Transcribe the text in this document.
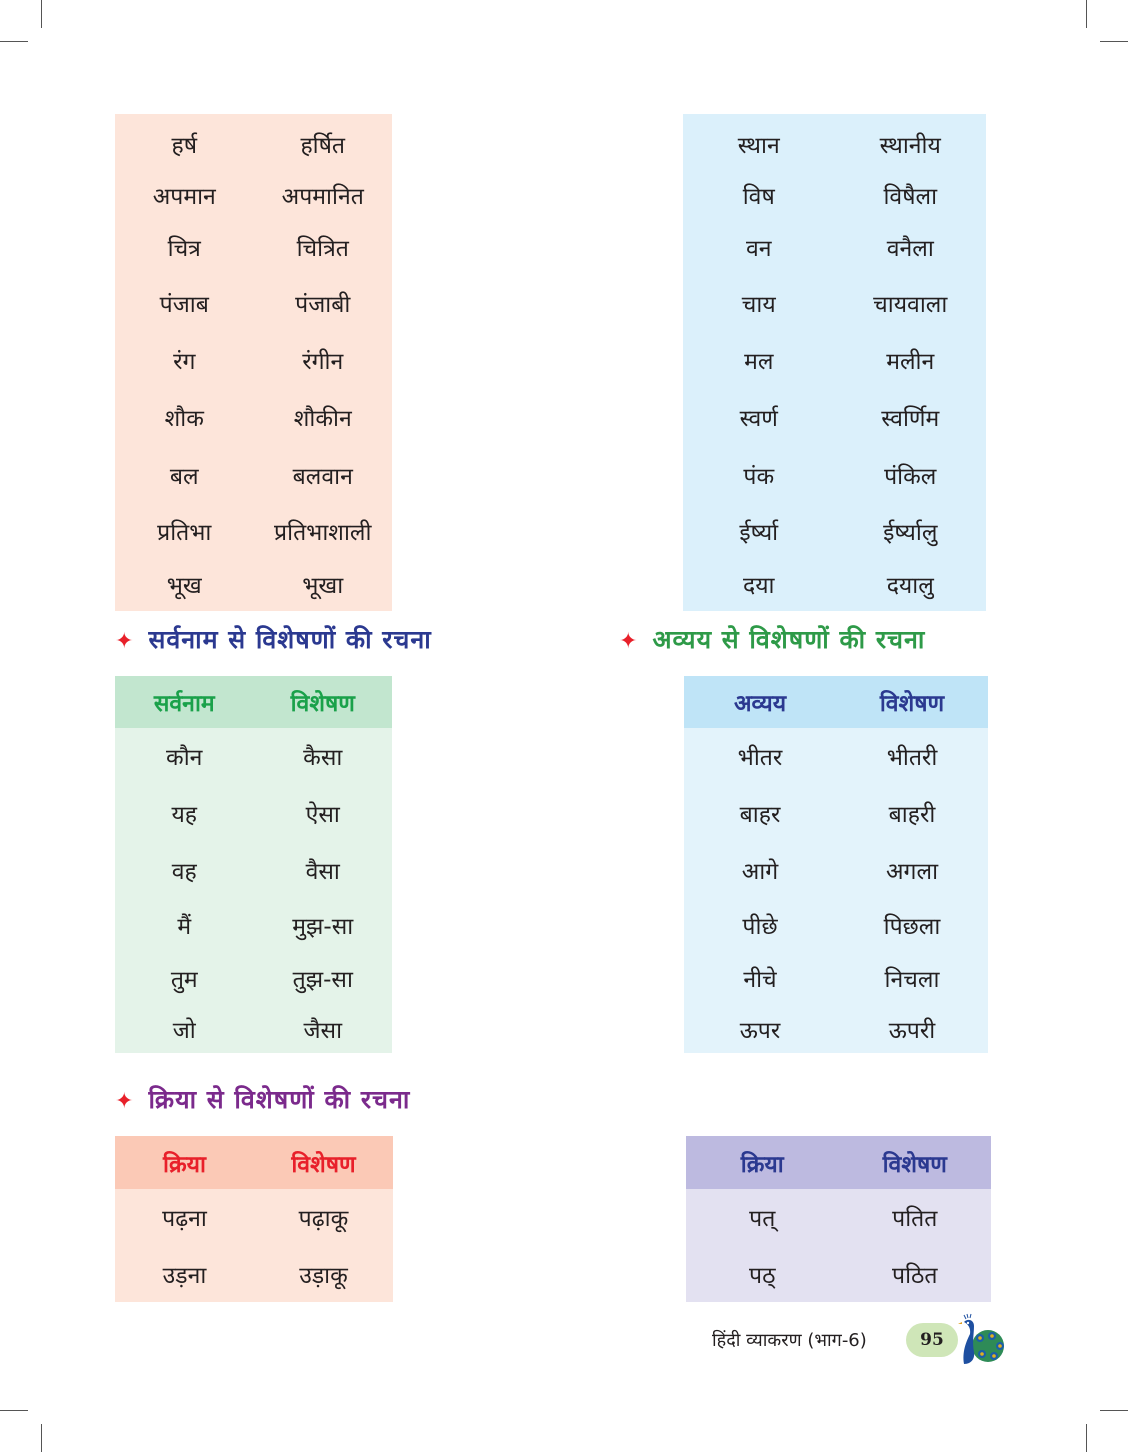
हर्ष	हर्षित
अपमान	अपमानित
चित्र	चित्रित
पंजाब	पंजाबी
रंग	रंगीन
शौक	शौकीन
बल	बलवान
प्रतिभा	प्रतिभाशाली
भूख	भूखा
स्थान	स्थानीय
विष	विषैला
वन	वनैला
चाय	चायवाला
मल	मलीन
स्वर्ण	स्वर्णिम
पंक	पंकिल
ईर्ष्या	ईर्ष्यालु
दया	दयालु
✦ सर्वनाम से विशेषणों की रचना	✦ अव्यय से विशेषणों की रचना
सर्वनाम	विशेषण
कौन	कैसा
यह	ऐसा
वह	वैसा
मैं	मुझ-सा
तुम	तुझ-सा
जो	जैसा
अव्यय	विशेषण
भीतर	भीतरी
बाहर	बाहरी
आगे	अगला
पीछे	पिछला
नीचे	निचला
ऊपर	ऊपरी
✦ क्रिया से विशेषणों की रचना
क्रिया	विशेषण
पढ़ना	पढ़ाकू
उड़ना	उड़ाकू
क्रिया	विशेषण
पत्	पतित
पठ्	पठित
हिंदी व्याकरण (भाग-6)	95
